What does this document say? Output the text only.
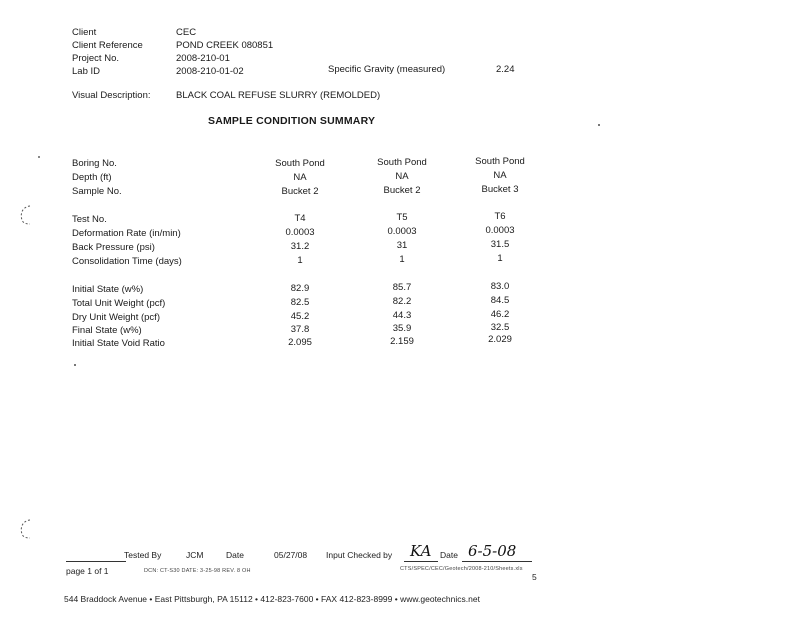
Client	CEC
Client Reference	POND CREEK 080851
Project No.	2008-210-01
Lab ID	2008-210-01-02	Specific Gravity (measured)	2.24
Visual Description:	BLACK COAL REFUSE SLURRY (REMOLDED)
SAMPLE CONDITION SUMMARY
Boring No.	South Pond	South Pond	South Pond
Depth (ft)	NA	NA	NA
Sample No.	Bucket 2	Bucket 2	Bucket 3
Test No.	T4	T5	T6
Deformation Rate (in/min)	0.0003	0.0003	0.0003
Back Pressure (psi)	31.2	31	31.5
Consolidation Time (days)	1	1	1
Initial State (w%)	82.9	85.7	83.0
Total Unit Weight (pcf)	82.5	82.2	84.5
Dry Unit Weight (pcf)	45.2	44.3	46.2
Final State (w%)	37.8	35.9	32.5
Initial State Void Ratio	2.095	2.159	2.029
Tested By	JCM	Date	05/27/08 Input Checked by KA Date 6-5-08
page 1 of 1	DCN: CT-S30 DATE: 3-25-98 REV. 8 OH	CTS/SPEC/CEC/Geotech/2008-210/Sheets.xls
5
544 Braddock Avenue • East Pittsburgh, PA 15112 • 412-823-7600 • FAX 412-823-8999 • www.geotechnics.net
